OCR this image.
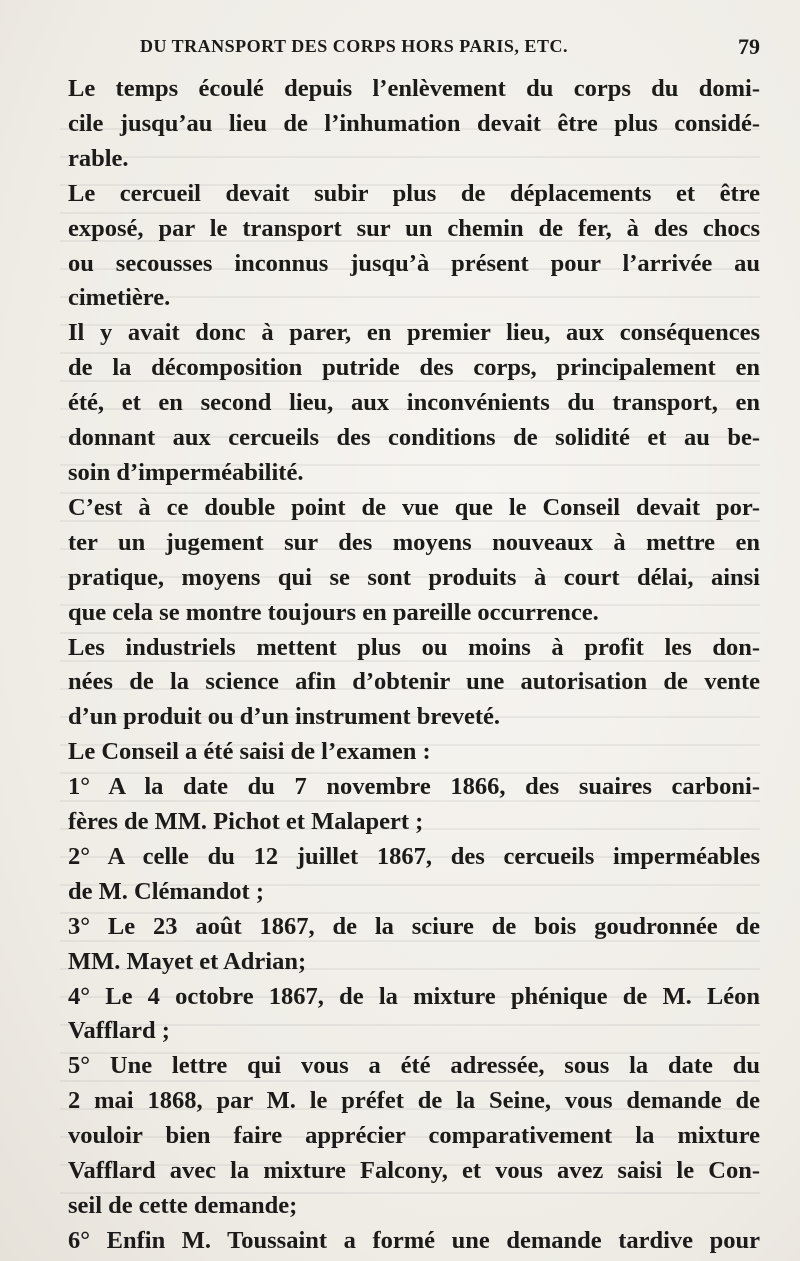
DU TRANSPORT DES CORPS HORS PARIS, ETC.	79
Le temps écoulé depuis l’enlèvement du corps du domi-
cile jusqu’au lieu de l’inhumation devait être plus considé-
rable.
Le cercueil devait subir plus de déplacements et être
exposé, par le transport sur un chemin de fer, à des chocs
ou secousses inconnus jusqu’à présent pour l’arrivée au
cimetière.
Il y avait donc à parer, en premier lieu, aux conséquences
de la décomposition putride des corps, principalement en
été, et en second lieu, aux inconvénients du transport, en
donnant aux cercueils des conditions de solidité et au be-
soin d’imperméabilité.
C’est à ce double point de vue que le Conseil devait por-
ter un jugement sur des moyens nouveaux à mettre en
pratique, moyens qui se sont produits à court délai, ainsi
que cela se montre toujours en pareille occurrence.
Les industriels mettent plus ou moins à profit les don-
nées de la science afin d’obtenir une autorisation de vente
d’un produit ou d’un instrument breveté.
Le Conseil a été saisi de l’examen :
1° A la date du 7 novembre 1866, des suaires carboni-
fères de MM. Pichot et Malapert ;
2° A celle du 12 juillet 1867, des cercueils imperméables
de M. Clémandot ;
3° Le 23 août 1867, de la sciure de bois goudronnée de
MM. Mayet et Adrian;
4° Le 4 octobre 1867, de la mixture phénique de M. Léon
Vafflard ;
5° Une lettre qui vous a été adressée, sous la date du
2 mai 1868, par M. le préfet de la Seine, vous demande de
vouloir bien faire apprécier comparativement la mixture
Vafflard avec la mixture Falcony, et vous avez saisi le Con-
seil de cette demande;
6° Enfin M. Toussaint a formé une demande tardive pour
